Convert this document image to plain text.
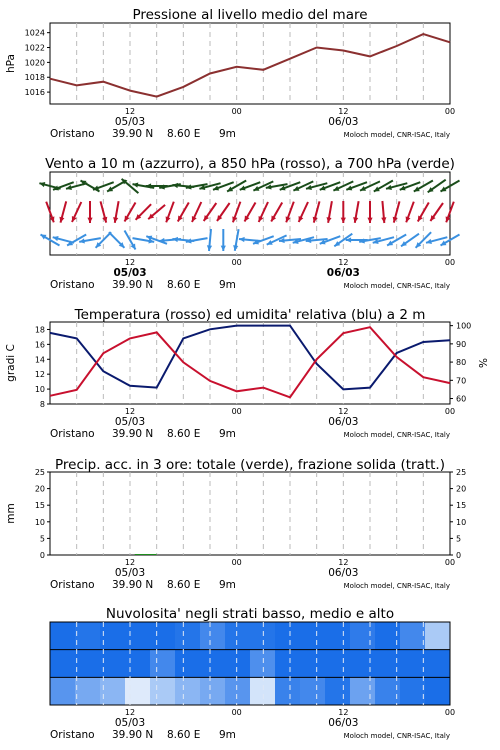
Pressione al livello medio del mare
12	00	12	00
05/03	06/03
Oristano 39.90 N 8.60 E 9m	Moloch model, CNR-ISAC, Italy
1016
1018
1020
1022
1024
hPa
Vento a 10 m (azzurro), a 850 hPa (rosso), a 700 hPa (verde)
12	00	12	00
05/03	06/03
Oristano 39.90 N 8.60 E 9m	Moloch model, CNR-ISAC, Italy
Temperatura (rosso) ed umidita' relativa (blu) a 2 m
12	00	12	00
05/03	06/03
Oristano 39.90 N 8.60 E 9m	Moloch model, CNR-ISAC, Italy
8
10
12
14
16
18
60
70
80
90
100
gradi C	%
Precip. acc. in 3 ore: totale (verde), frazione solida (tratt.)
12	00	12	00
05/03	06/03
Oristano 39.90 N 8.60 E 9m	Moloch model, CNR-ISAC, Italy
0
5
10
15
20
25
0
5
10
15
20
25
mm
Nuvolosita' negli strati basso, medio e alto
12	00	12	00
05/03	06/03
Oristano 39.90 N 8.60 E 9m	Moloch model, CNR-ISAC, Italy
